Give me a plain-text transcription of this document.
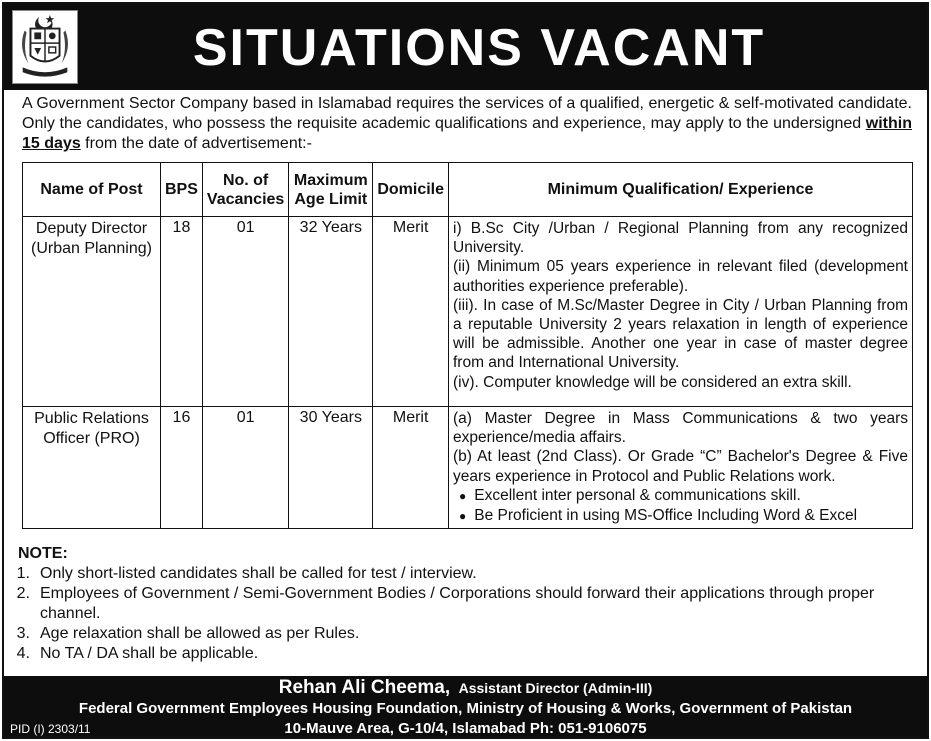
SITUATIONS VACANT

A Government Sector Company based in Islamabad requires the services of a qualified, energetic & self-motivated candidate. Only the candidates, who possess the requisite academic qualifications and experience, may apply to the undersigned within 15 days from the date of advertisement:-

Name of Post	BPS	No. of Vacancies	Maximum Age Limit	Domicile	Minimum Qualification/ Experience
Deputy Director (Urban Planning)	18	01	32 Years	Merit	i) B.Sc City /Urban / Regional Planning from any recognized University.
(ii) Minimum 05 years experience in relevant filed (development authorities experience preferable).
(iii). In case of M.Sc/Master Degree in City / Urban Planning from a reputable University 2 years relaxation in length of experience will be admissible. Another one year in case of master degree from and International University.
(iv). Computer knowledge will be considered an extra skill.

Public Relations Officer (PRO)	16	01	30 Years	Merit	(a) Master Degree in Mass Communications & two years experience/media affairs.
(b) At least (2nd Class). Or Grade “C” Bachelor's Degree & Five years experience in Protocol and Public Relations work.
● Excellent inter personal & communications skill.
● Be Proficient in using MS-Office Including Word & Excel
NOTE:
1. Only short-listed candidates shall be called for test / interview.
2. Employees of Government / Semi-Government Bodies / Corporations should forward their applications through proper channel.
3. Age relaxation shall be allowed as per Rules.
4. No TA / DA shall be applicable.
Rehan Ali Cheema, Assistant Director (Admin-III)
Federal Government Employees Housing Foundation, Ministry of Housing & Works, Government of Pakistan
10-Mauve Area, G-10/4, Islamabad Ph: 051-9106075
PID (I) 2303/11
